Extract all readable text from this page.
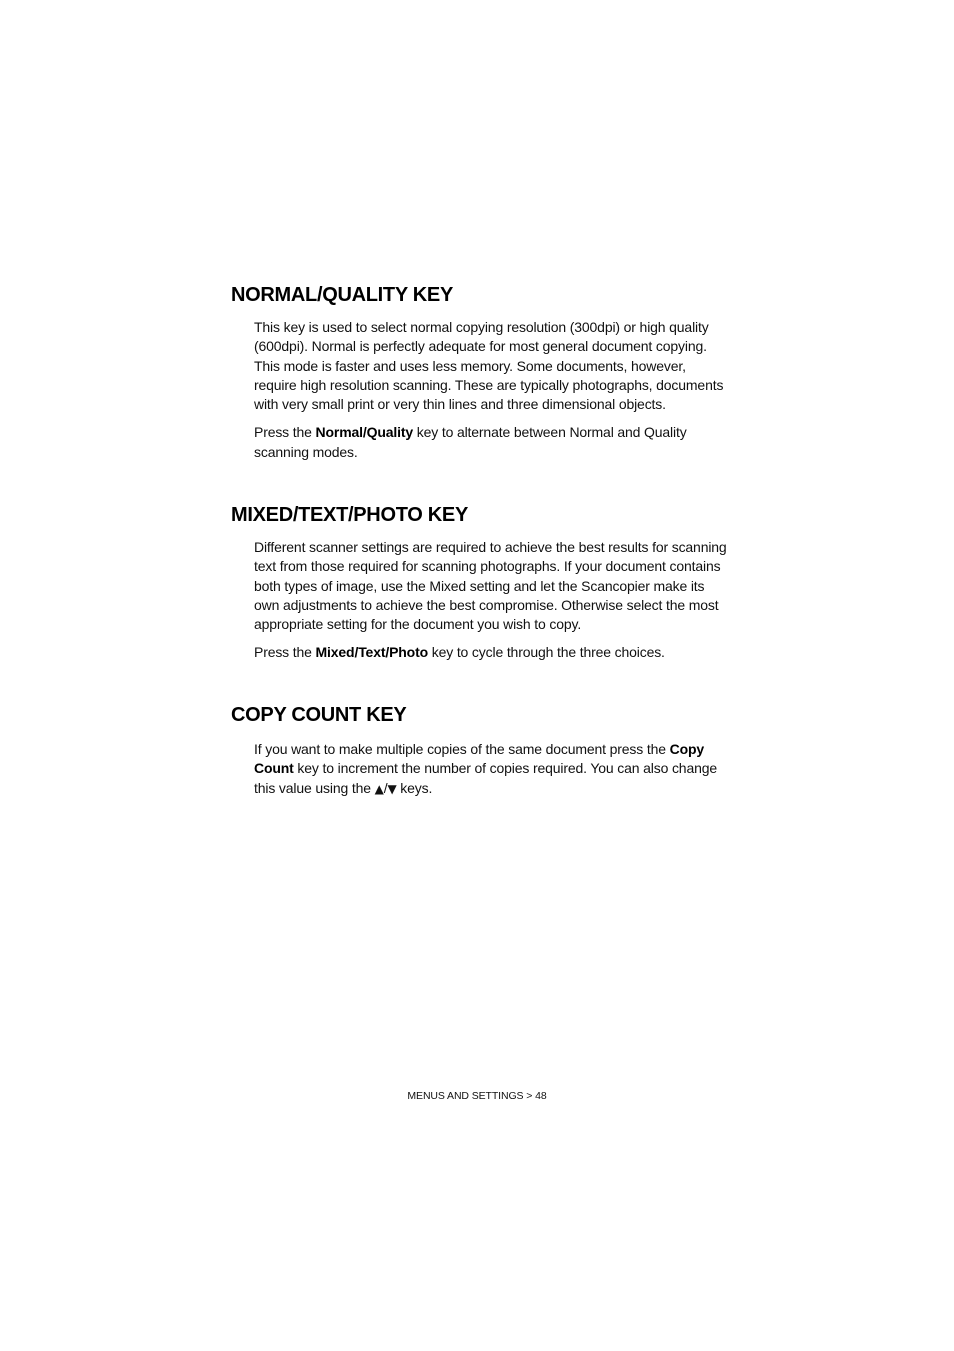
NORMAL/QUALITY KEY

This key is used to select normal copying resolution (300dpi) or high quality (600dpi). Normal is perfectly adequate for most general document copying. This mode is faster and uses less memory. Some documents, however, require high resolution scanning. These are typically photographs, documents with very small print or very thin lines and three dimensional objects.

Press the Normal/Quality key to alternate between Normal and Quality scanning modes.

MIXED/TEXT/PHOTO KEY

Different scanner settings are required to achieve the best results for scanning text from those required for scanning photographs. If your document contains both types of image, use the Mixed setting and let the Scancopier make its own adjustments to achieve the best compromise. Otherwise select the most appropriate setting for the document you wish to copy.

Press the Mixed/Text/Photo key to cycle through the three choices.

COPY COUNT KEY

If you want to make multiple copies of the same document press the Copy Count key to increment the number of copies required. You can also change this value using the ▲/▼ keys.

MENUS AND SETTINGS > 48
